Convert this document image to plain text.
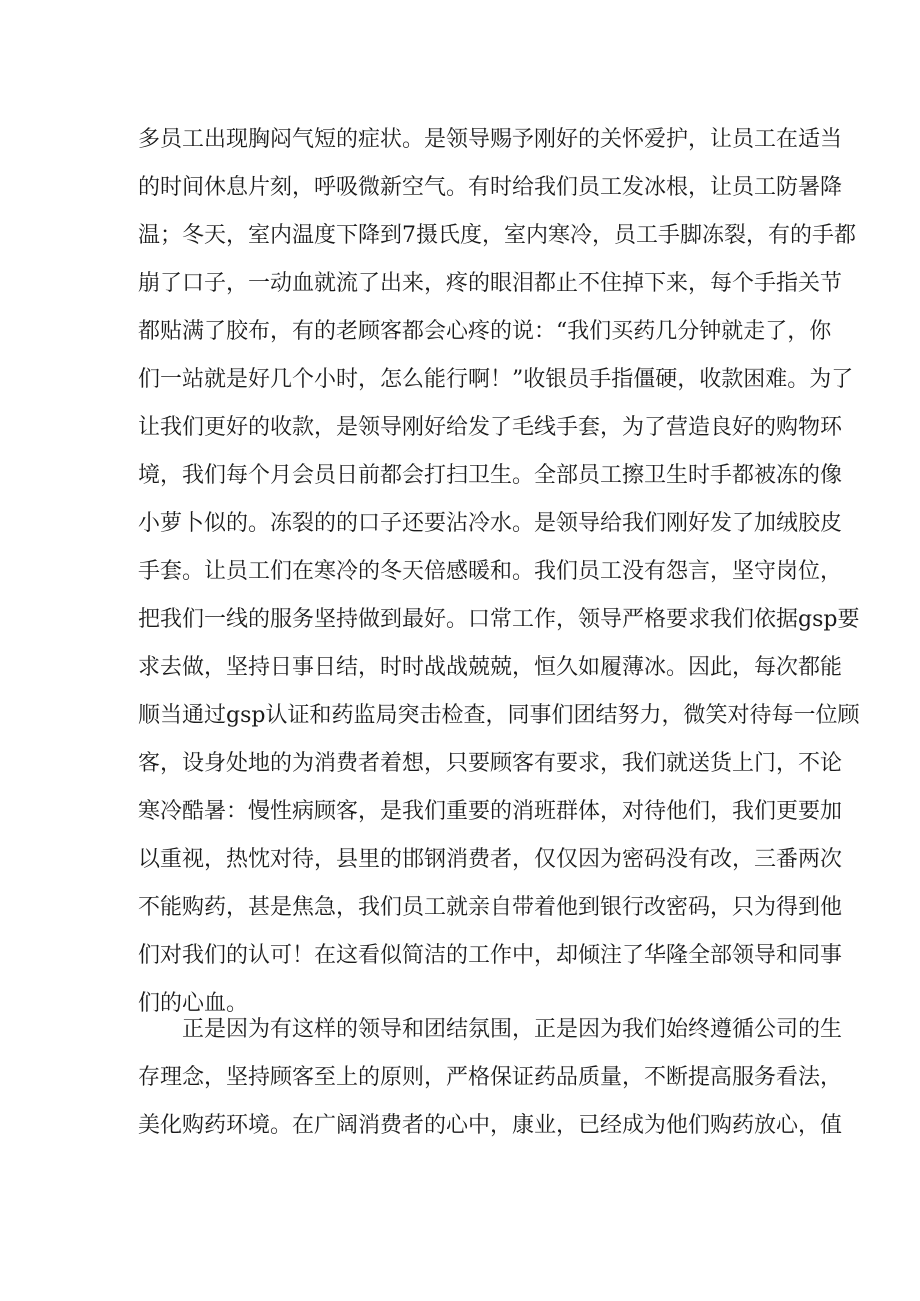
多员工出现胸闷气短的症状。是领导赐予刚好的关怀爱护，让员工在适当
的时间休息片刻，呼吸微新空气。有时给我们员工发冰根，让员工防暑降
温；冬天，室内温度下降到7摄氏度，室内寒冷，员工手脚冻裂，有的手都
崩了口子，一动血就流了出来，疼的眼泪都止不住掉下来，每个手指关节
都贴满了胶布，有的老顾客都会心疼的说：“我们买药几分钟就走了，你
们一站就是好几个小时，怎么能行啊！”收银员手指僵硬，收款困难。为了
让我们更好的收款，是领导刚好给发了毛线手套，为了营造良好的购物环
境，我们每个月会员日前都会打扫卫生。全部员工擦卫生时手都被冻的像
小萝卜似的。冻裂的的口子还要沾冷水。是领导给我们刚好发了加绒胶皮
手套。让员工们在寒冷的冬天倍感暖和。我们员工没有怨言，坚守岗位，
把我们一线的服务坚持做到最好。口常工作，领导严格要求我们依据gsp要
求去做，坚持日事日结，时时战战兢兢，恒久如履薄冰。因此，每次都能
顺当通过gsp认证和药监局突击检查，同事们团结努力，微笑对待每一位顾
客，设身处地的为消费者着想，只要顾客有要求，我们就送货上门，不论
寒冷酷暑：慢性病顾客，是我们重要的消班群体，对待他们，我们更要加
以重视，热忱对待，县里的邯钢消费者，仅仅因为密码没有改，三番两次
不能购药，甚是焦急，我们员工就亲自带着他到银行改密码，只为得到他
们对我们的认可！在这看似简洁的工作中，却倾注了华隆全部领导和同事
们的心血。
正是因为有这样的领导和团结氛围，正是因为我们始终遵循公司的生
存理念，坚持顾客至上的原则，严格保证药品质量，不断提高服务看法，
美化购药环境。在广阔消费者的心中，康业，已经成为他们购药放心，值
